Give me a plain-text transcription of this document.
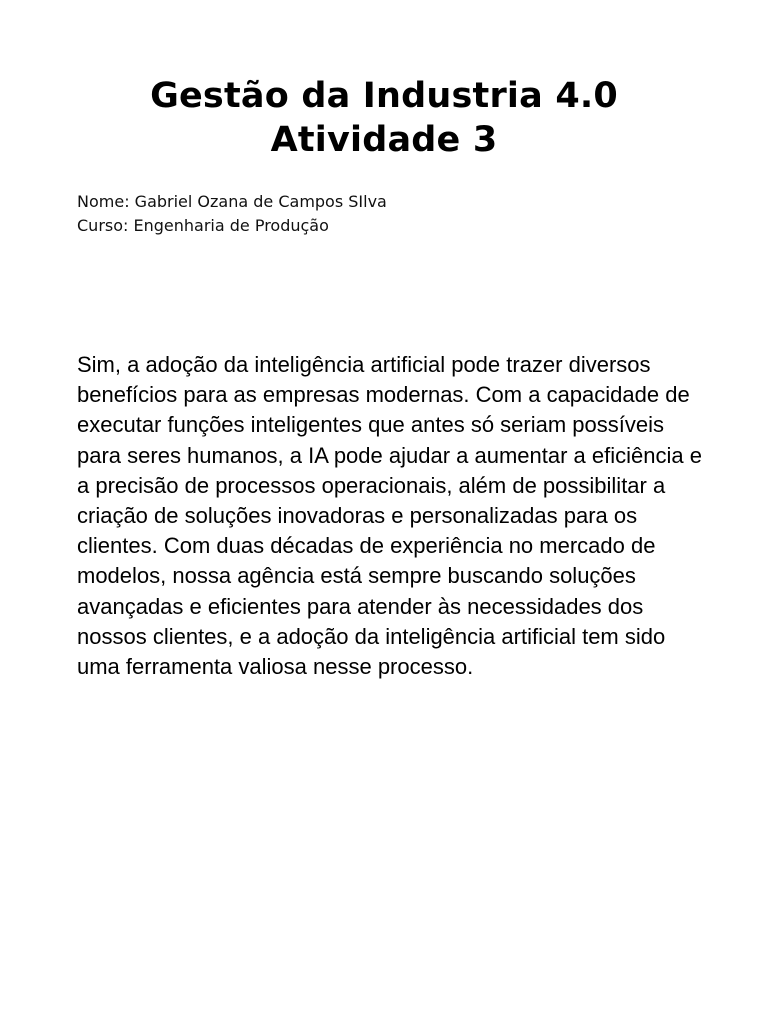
Gestão da Industria 4.0
Atividade 3
Nome: Gabriel Ozana de Campos SIlva
Curso: Engenharia de Produção

Sim, a adoção da inteligência artificial pode trazer diversos benefícios para as empresas modernas. Com a capacidade de executar funções inteligentes que antes só seriam possíveis para seres humanos, a IA pode ajudar a aumentar a eficiência e a precisão de processos operacionais, além de possibilitar a criação de soluções inovadoras e personalizadas para os clientes. Com duas décadas de experiência no mercado de modelos, nossa agência está sempre buscando soluções avançadas e eficientes para atender às necessidades dos nossos clientes, e a adoção da inteligência artificial tem sido uma ferramenta valiosa nesse processo.
